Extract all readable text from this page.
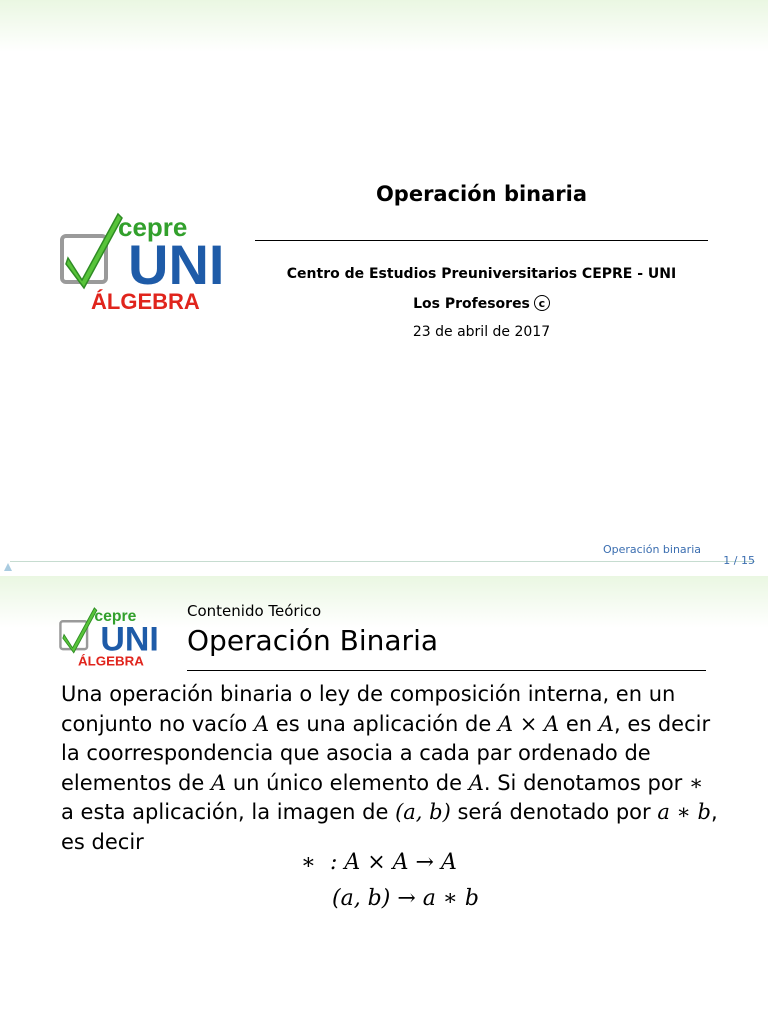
cepre
UNI
ÁLGEBRA
Operación binaria
Centro de Estudios Preuniversitarios CEPRE - UNI
Los Profesores c
23 de abril de 2017
Operación binaria
1 / 15
cepre
UNI
ÁLGEBRA
Contenido Teórico
Operación Binaria
Una operación binaria o ley de composición interna, en un conjunto no vacío A es una aplicación de A × A en A, es decir la coorrespondencia que asocia a cada par ordenado de elementos de A un único elemento de A. Si denotamos por ∗ a esta aplicación, la imagen de (a, b) será denotado por a ∗ b, es decir
∗  : A × A → A
(a, b) → a ∗ b
